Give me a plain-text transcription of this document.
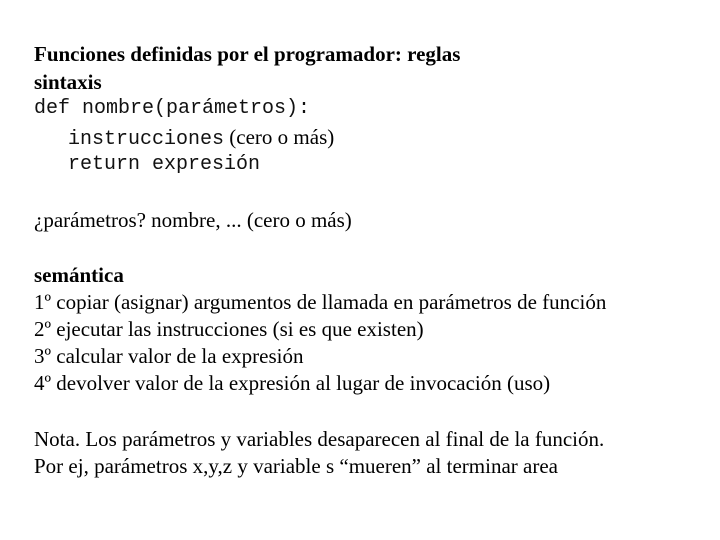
Funciones definidas por el programador: reglas
sintaxis
def nombre(parámetros):
instrucciones (cero o más)
return expresión
¿parámetros? nombre, ... (cero o más)
semántica
1º copiar (asignar) argumentos de llamada en parámetros de función
2º ejecutar las instrucciones (si es que existen)
3º calcular valor de la expresión
4º devolver valor de la expresión al lugar de invocación (uso)
Nota. Los parámetros y variables desaparecen al final de la función.
Por ej, parámetros x,y,z y variable s “mueren” al terminar area
